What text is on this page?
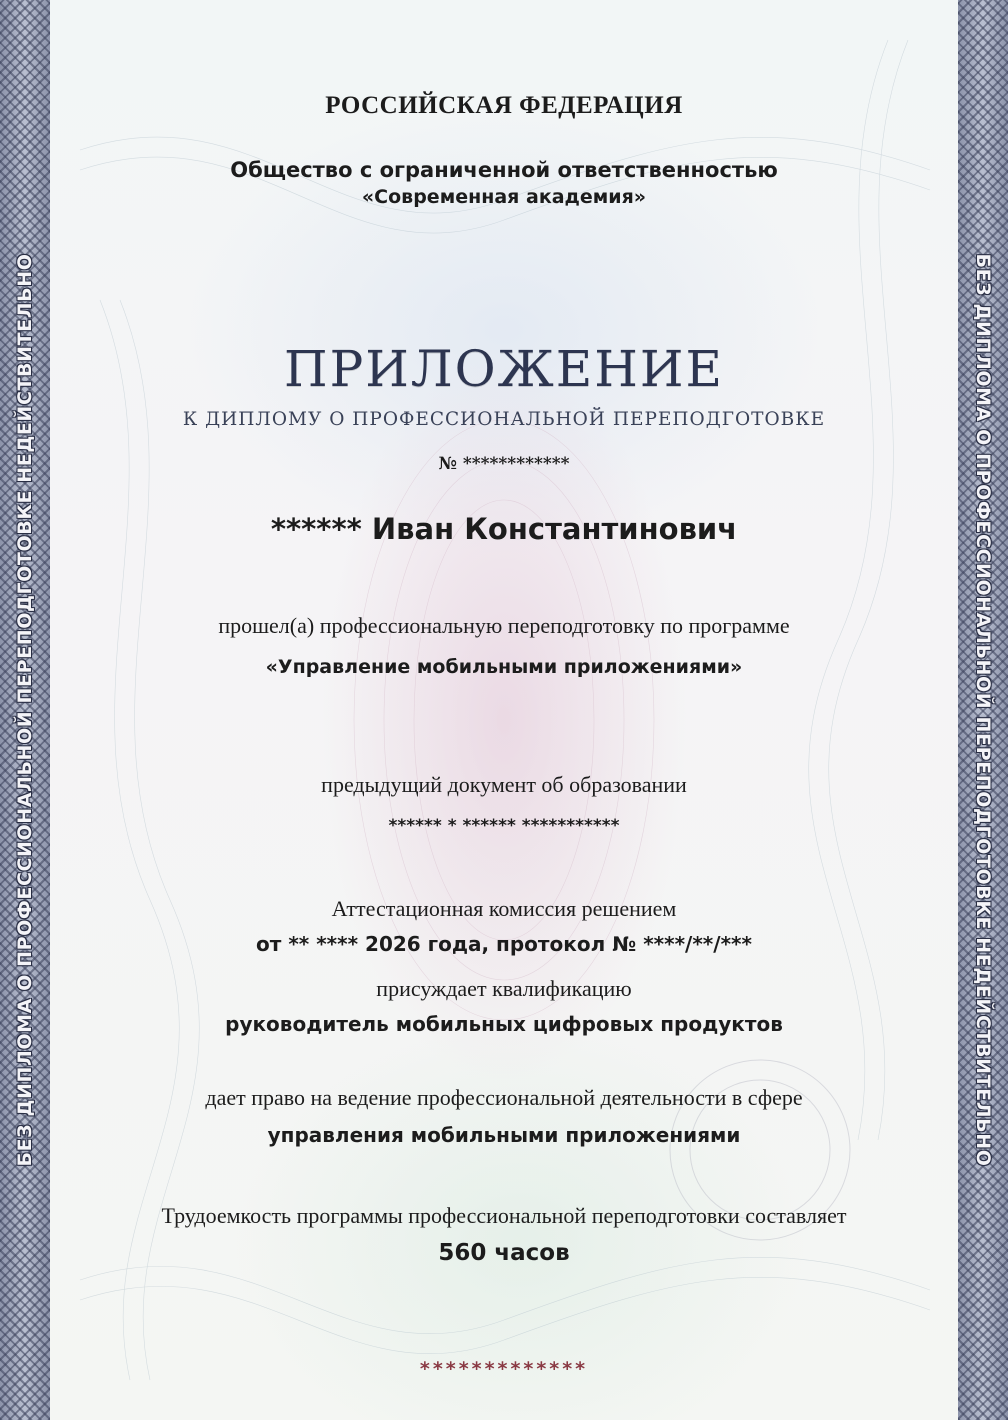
БЕЗ ДИПЛОМА О ПРОФЕССИОНАЛЬНОЙ ПЕРЕПОДГОТОВКЕ НЕДЕЙСТВИТЕЛЬНО	БЕЗ ДИПЛОМА О ПРОФЕССИОНАЛЬНОЙ ПЕРЕПОДГОТОВКЕ НЕДЕЙСТВИТЕЛЬНО

РОССИЙСКАЯ ФЕДЕРАЦИЯ

Общество с ограниченной ответственностью

«Современная академия»

ПРИЛОЖЕНИЕ

К ДИПЛОМУ О ПРОФЕССИОНАЛЬНОЙ ПЕРЕПОДГОТОВКЕ

№ ************

****** Иван Константинович

прошел(а) профессиональную переподготовку по программе

«Управление мобильными приложениями»

предыдущий документ об образовании

****** * ****** ***********

Аттестационная комиссия решением

от ** **** 2026 года, протокол № ****/**/***

присуждает квалификацию

руководитель мобильных цифровых продуктов

дает право на ведение профессиональной деятельности в сфере

управления мобильными приложениями

Трудоемкость программы профессиональной переподготовки составляет

560 часов

*************
